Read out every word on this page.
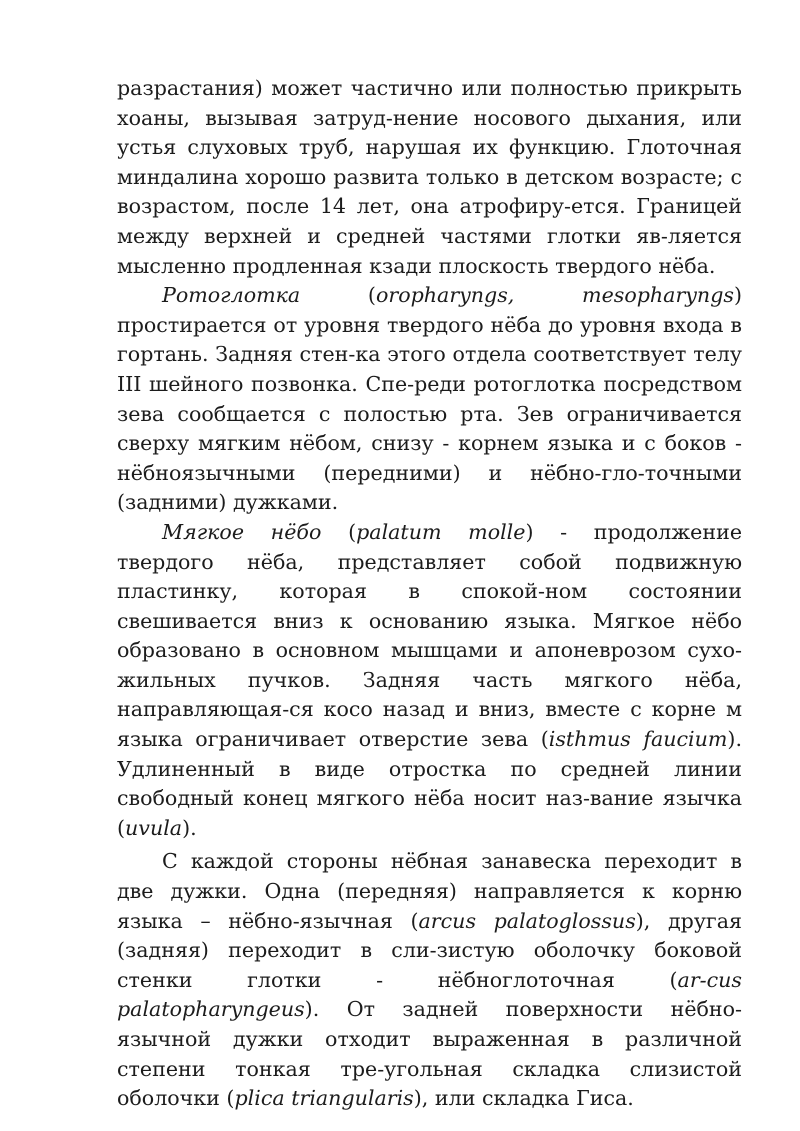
разрастания) может частично или полностью прикрыть хоаны, вызывая затруд-нение носового дыхания, или устья слуховых труб, нарушая их функцию. Глоточная миндалина хорошо развита только в детском возрасте; с возрастом, после 14 лет, она атрофиру-ется. Границей между верхней и средней частями глотки яв-ляется мысленно продленная кзади плоскость твердого нёба.

Ротоглотка (oropharyngs, mesopharyngs) простирается от уровня твердого нёба до уровня входа в гортань. Задняя стен-ка этого отдела соответствует телу III шейного позвонка. Спе-реди ротоглотка посредством зева сообщается с полостью рта. Зев ограничивается сверху мягким нёбом, снизу - корнем языка и с боков - нёбноязычными (передними) и нёбно-гло-точными (задними) дужками.

Мягкое нёбо (palatum molle) - продолжение твердого нёба, представляет собой подвижную пластинку, которая в спокой-ном состоянии свешивается вниз к основанию языка. Мягкое нёбо образовано в основном мышцами и апоневрозом сухо-жильных пучков. Задняя часть мягкого нёба, направляющая-ся косо назад и вниз, вместе с корне м языка ограничивает отверстие зева (isthmus faucium). Удлиненный в виде отростка по средней линии свободный конец мягкого нёба носит наз-вание язычка (uvula).

С каждой стороны нёбная занавеска переходит в две дужки. Одна (передняя) направляется к корню языка – нёбно-язычная (arcus palatoglossus), другая (задняя) переходит в сли-зистую оболочку боковой стенки глотки - нёбноглоточная (ar-cus palatopharyngeus). От задней поверхности нёбно-язычной дужки отходит выраженная в различной степени тонкая тре-угольная складка слизистой оболочки (plica triangularis), или складка Гиса.
